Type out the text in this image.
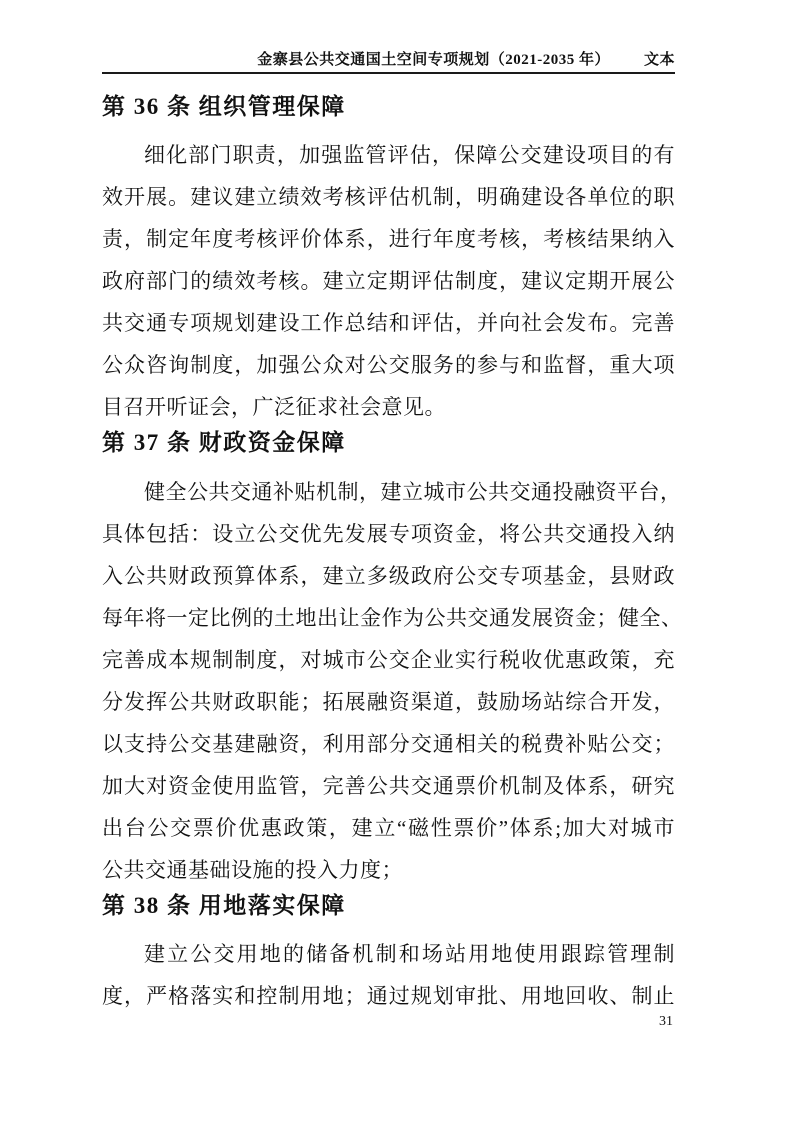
金寨县公共交通国土空间专项规划（2021-2035 年） 文本
第 36 条 组织管理保障
细化部门职责，加强监管评估，保障公交建设项目的有
效开展。建议建立绩效考核评估机制，明确建设各单位的职
责，制定年度考核评价体系，进行年度考核，考核结果纳入
政府部门的绩效考核。建立定期评估制度，建议定期开展公
共交通专项规划建设工作总结和评估，并向社会发布。完善
公众咨询制度，加强公众对公交服务的参与和监督，重大项
目召开听证会，广泛征求社会意见。
第 37 条 财政资金保障
健全公共交通补贴机制，建立城市公共交通投融资平台，
具体包括：设立公交优先发展专项资金，将公共交通投入纳
入公共财政预算体系，建立多级政府公交专项基金，县财政
每年将一定比例的土地出让金作为公共交通发展资金；健全、
完善成本规制制度，对城市公交企业实行税收优惠政策，充
分发挥公共财政职能；拓展融资渠道，鼓励场站综合开发，
以支持公交基建融资，利用部分交通相关的税费补贴公交；
加大对资金使用监管，完善公共交通票价机制及体系，研究
出台公交票价优惠政策，建立“磁性票价”体系;加大对城市
公共交通基础设施的投入力度；
第 38 条 用地落实保障
建立公交用地的储备机制和场站用地使用跟踪管理制
度，严格落实和控制用地；通过规划审批、用地回收、制止
31
